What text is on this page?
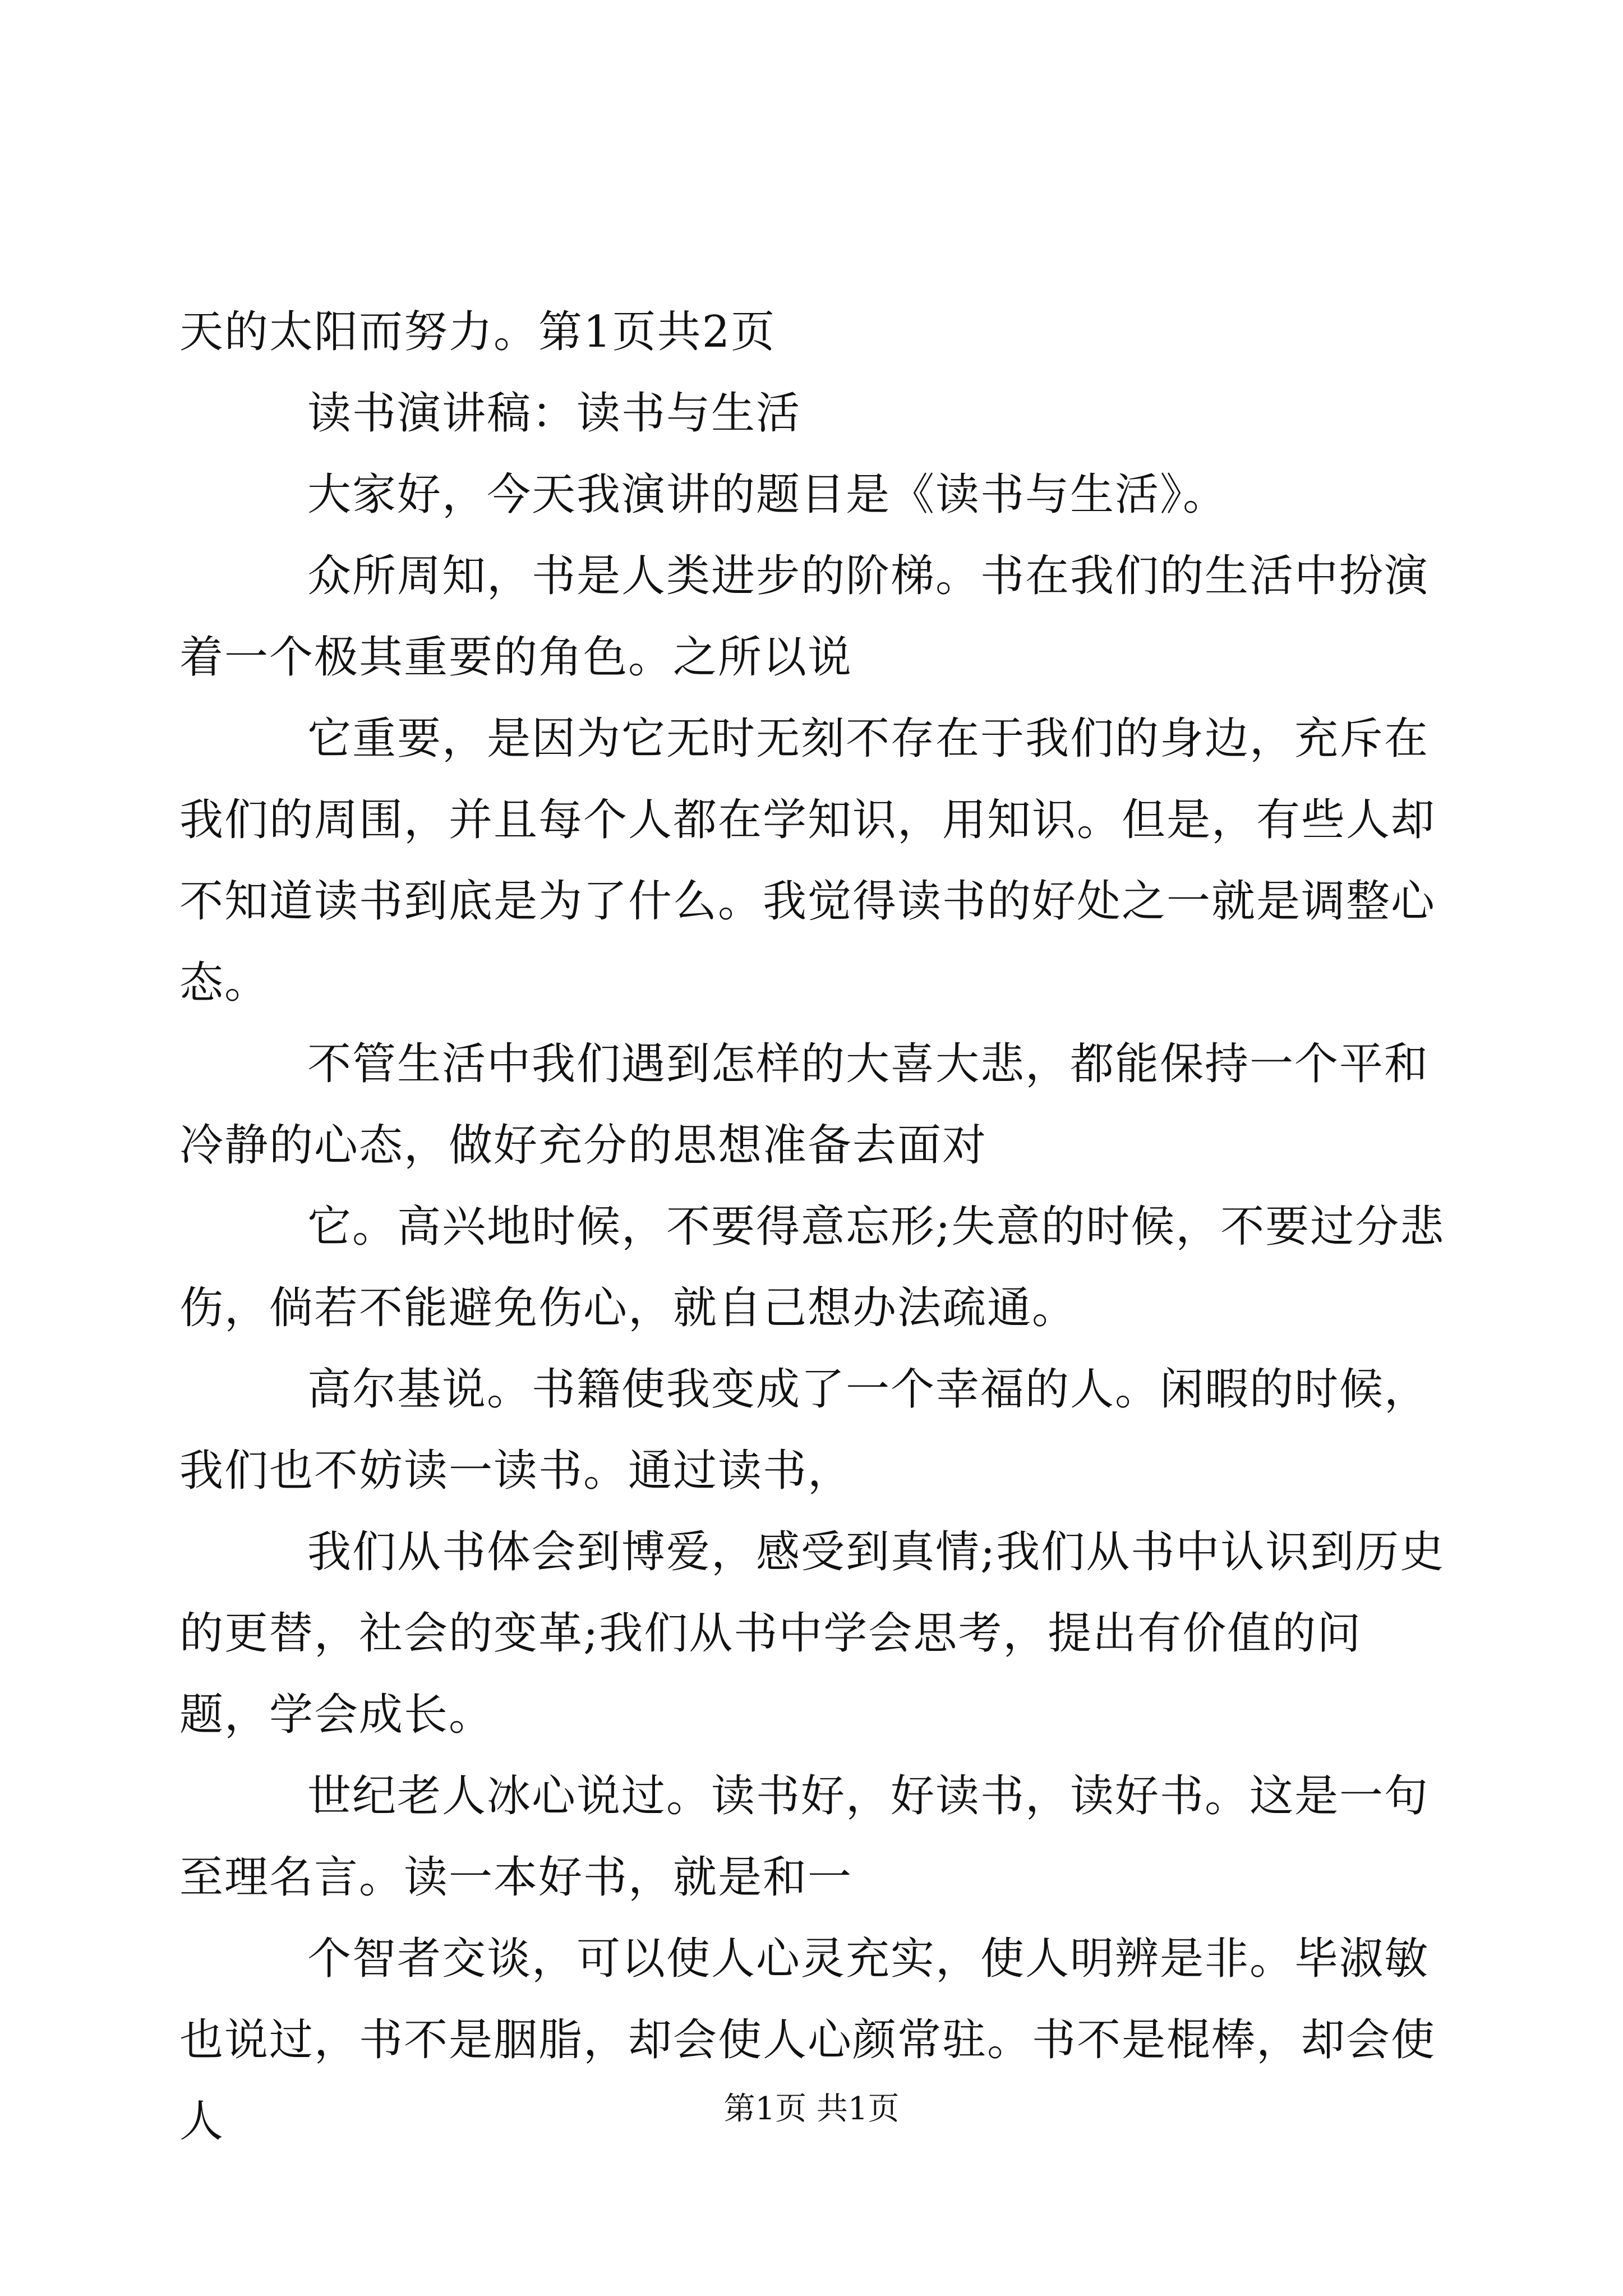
天的太阳而努力。第1页共2页

读书演讲稿：读书与生活

大家好，今天我演讲的题目是《读书与生活》。

众所周知，书是人类进步的阶梯。书在我们的生活中扮演着一个极其重要的角色。之所以说

它重要，是因为它无时无刻不存在于我们的身边，充斥在我们的周围，并且每个人都在学知识，用知识。但是，有些人却不知道读书到底是为了什么。我觉得读书的好处之一就是调整心态。

不管生活中我们遇到怎样的大喜大悲，都能保持一个平和冷静的心态，做好充分的思想准备去面对

它。高兴地时候，不要得意忘形;失意的时候，不要过分悲伤，倘若不能避免伤心，就自己想办法疏通。

高尔基说。书籍使我变成了一个幸福的人。闲暇的时候，我们也不妨读一读书。通过读书，

我们从书体会到博爱，感受到真情;我们从书中认识到历史的更替，社会的变革;我们从书中学会思考，提出有价值的问题，学会成长。

世纪老人冰心说过。读书好，好读书，读好书。这是一句至理名言。读一本好书，就是和一

个智者交谈，可以使人心灵充实，使人明辨是非。毕淑敏也说过，书不是胭脂，却会使人心颜常驻。书不是棍棒，却会使人	第1页 共1页
